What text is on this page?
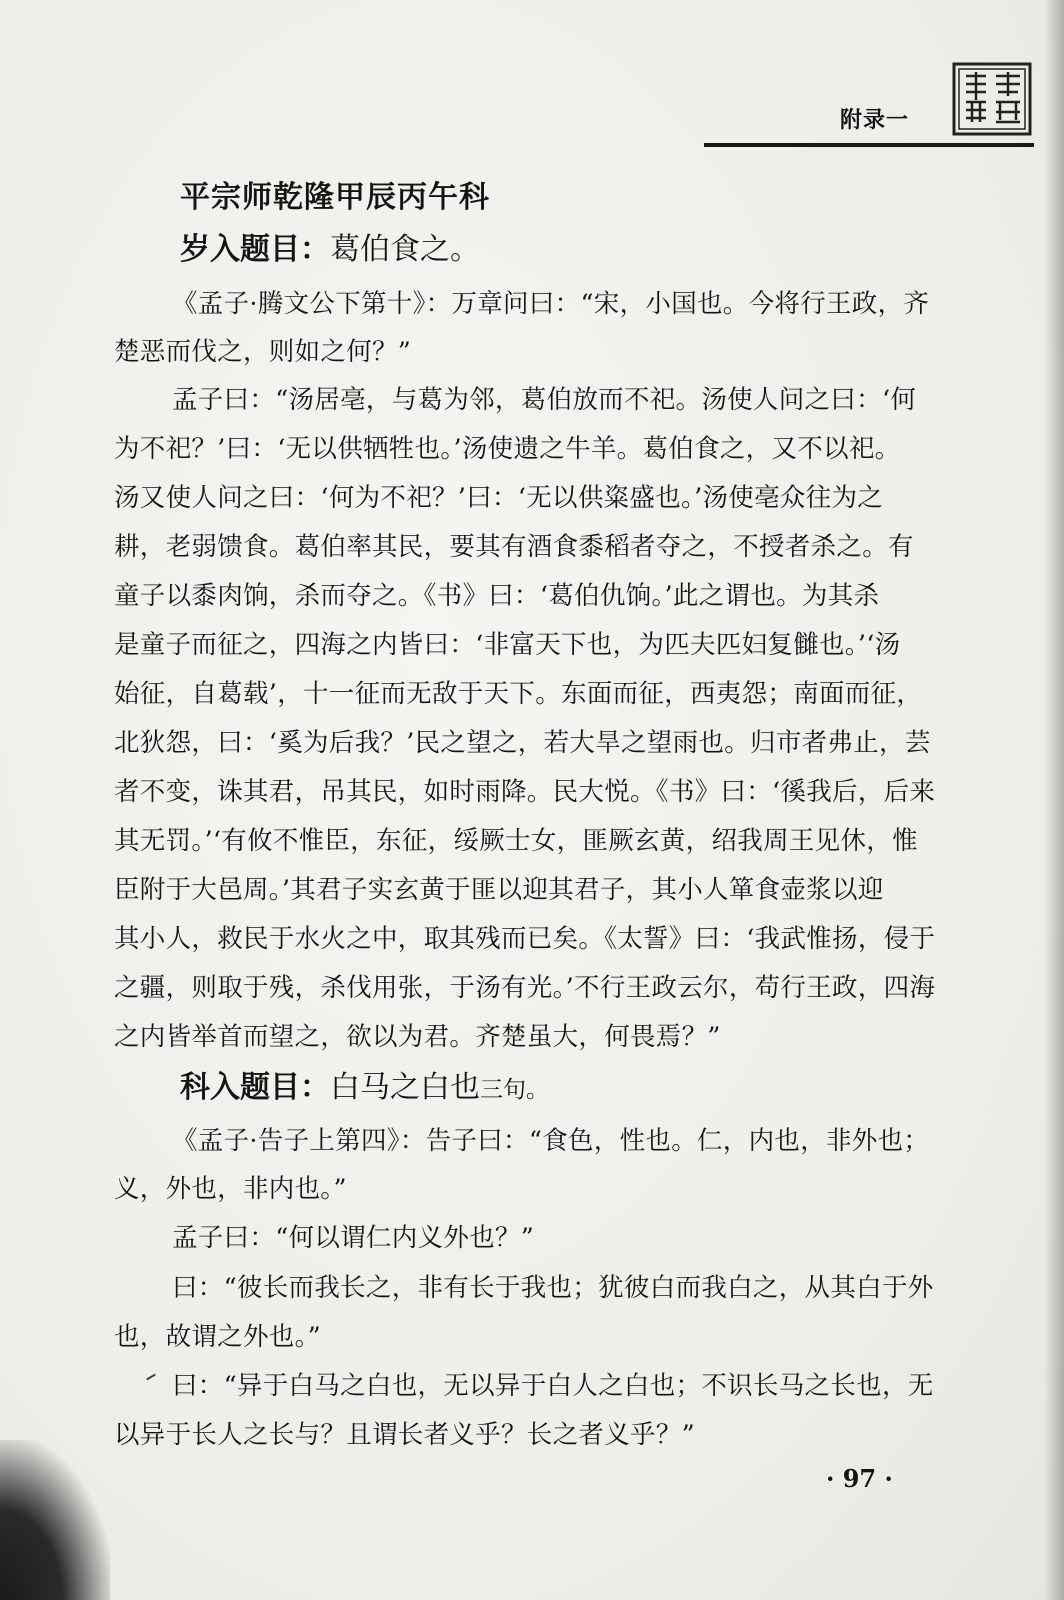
附录一
平宗师乾隆甲辰丙午科
岁入题目：葛伯食之。
《孟子·腾文公下第十》：万章问曰：“宋，小国也。今将行王政，齐
楚恶而伐之，则如之何？”
孟子曰：“汤居亳，与葛为邻，葛伯放而不祀。汤使人问之曰：‘何
为不祀？’曰：‘无以供牺牲也。’汤使遗之牛羊。葛伯食之，又不以祀。
汤又使人问之曰：‘何为不祀？’曰：‘无以供粢盛也。’汤使亳众往为之
耕，老弱馈食。葛伯率其民，要其有酒食黍稻者夺之，不授者杀之。有
童子以黍肉饷，杀而夺之。《书》曰：‘葛伯仇饷。’此之谓也。为其杀
是童子而征之，四海之内皆曰：‘非富天下也，为匹夫匹妇复雠也。’‘汤
始征，自葛载’，十一征而无敌于天下。东面而征，西夷怨；南面而征，
北狄怨，曰：‘奚为后我？’民之望之，若大旱之望雨也。归市者弗止，芸
者不变，诛其君，吊其民，如时雨降。民大悦。《书》曰：‘徯我后，后来
其无罚。’‘有攸不惟臣，东征，绥厥士女，匪厥玄黄，绍我周王见休，惟
臣附于大邑周。’其君子实玄黄于匪以迎其君子，其小人箪食壶浆以迎
其小人，救民于水火之中，取其残而已矣。《太誓》曰：‘我武惟扬，侵于
之疆，则取于残，杀伐用张，于汤有光。’不行王政云尔，苟行王政，四海
之内皆举首而望之，欲以为君。齐楚虽大，何畏焉？”
科入题目：白马之白也三句。
《孟子·告子上第四》：告子曰：“食色，性也。仁，内也，非外也；
义，外也，非内也。”
孟子曰：“何以谓仁内义外也？”
曰：“彼长而我长之，非有长于我也；犹彼白而我白之，从其白于外
也，故谓之外也。”
曰：“异于白马之白也，无以异于白人之白也；不识长马之长也，无
以异于长人之长与？且谓长者义乎？长之者义乎？”
· 97 ·
